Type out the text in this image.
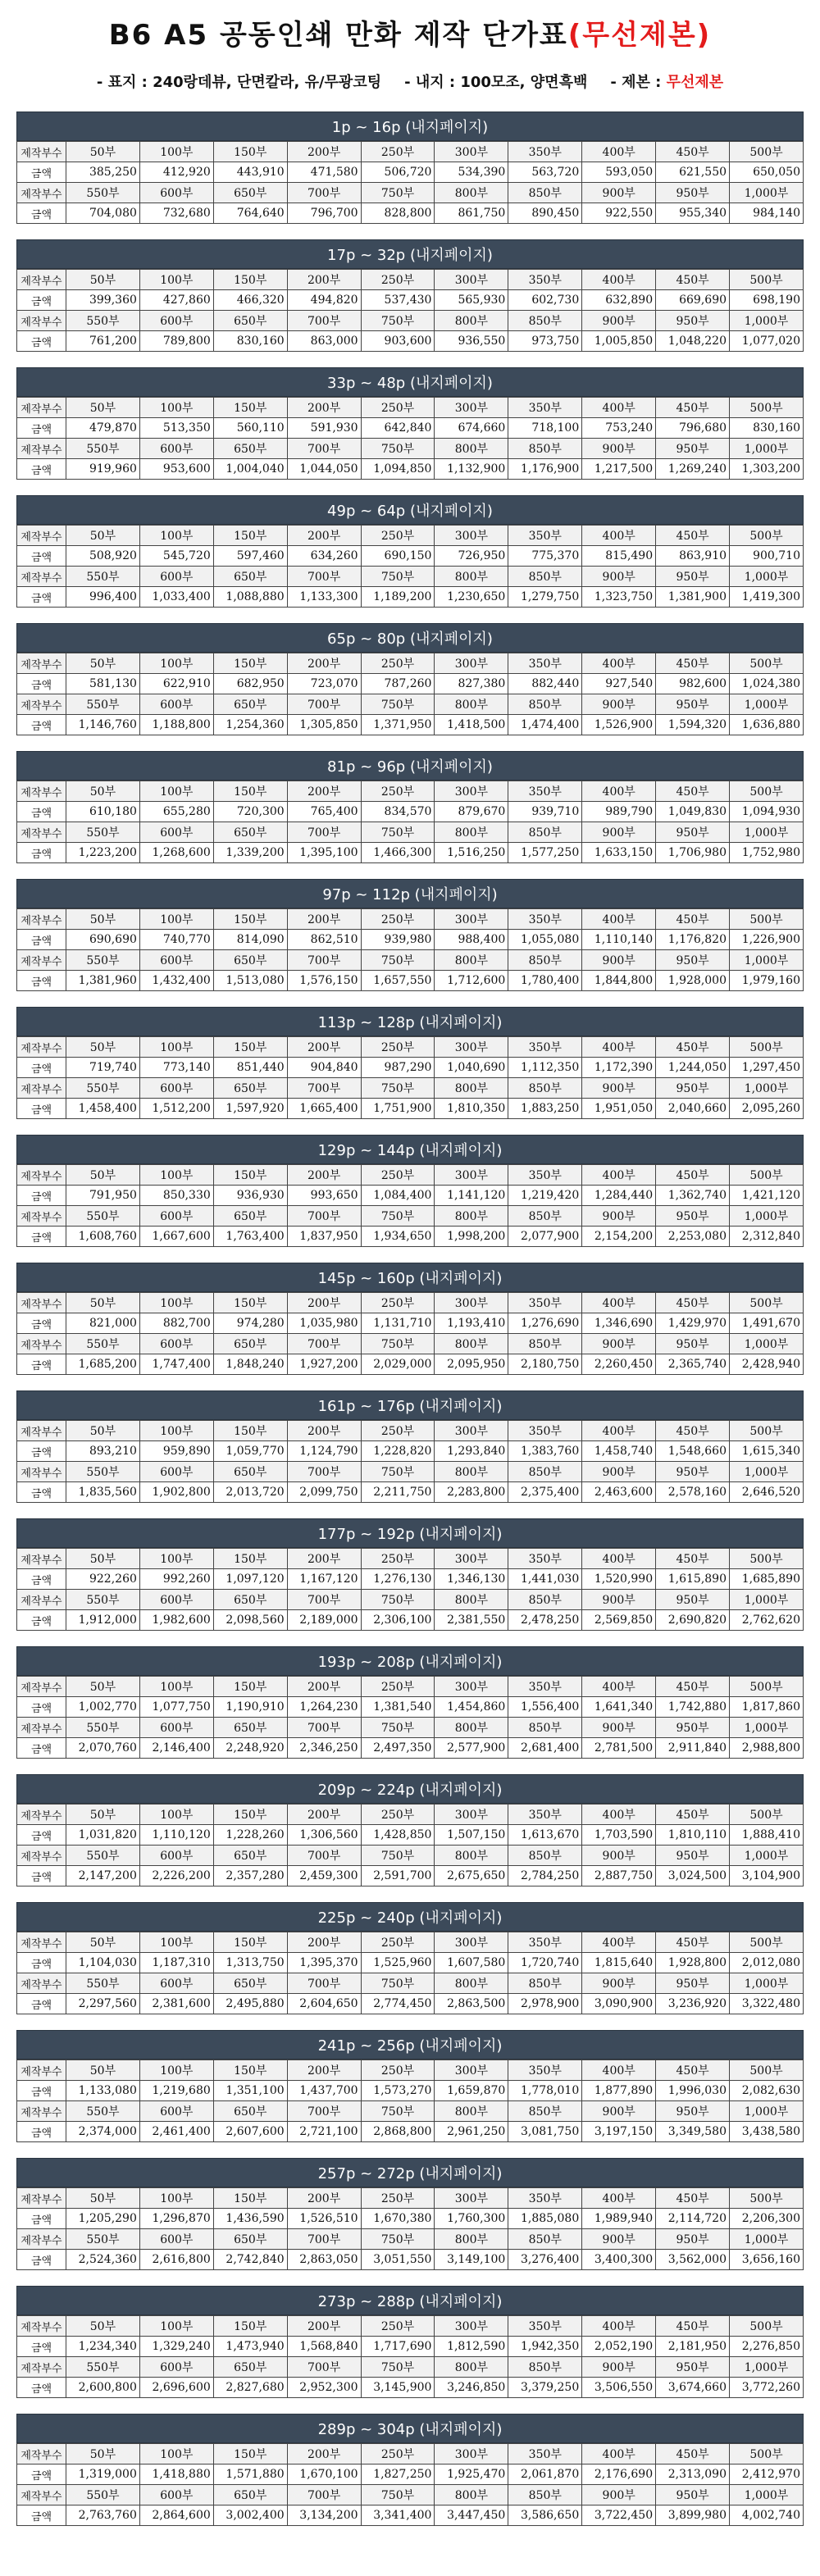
B6 A5 공동인쇄 만화 제작 단가표 (무선제본)
- 표지 : 240랑데뷰, 단면칼라, 유/무광코팅 - 내지 : 100모조, 양면흑백 - 제본 : 무선제본
1p ~ 16p (내지페이지)
제작부수	50부	100부	150부	200부	250부	300부	350부	400부	450부	500부
금액	385,250	412,920	443,910	471,580	506,720	534,390	563,720	593,050	621,550	650,050
제작부수	550부	600부	650부	700부	750부	800부	850부	900부	950부	1,000부
금액	704,080	732,680	764,640	796,700	828,800	861,750	890,450	922,550	955,340	984,140
17p ~ 32p (내지페이지)
제작부수	50부	100부	150부	200부	250부	300부	350부	400부	450부	500부
금액	399,360	427,860	466,320	494,820	537,430	565,930	602,730	632,890	669,690	698,190
제작부수	550부	600부	650부	700부	750부	800부	850부	900부	950부	1,000부
금액	761,200	789,800	830,160	863,000	903,600	936,550	973,750	1,005,850	1,048,220	1,077,020
33p ~ 48p (내지페이지)
제작부수	50부	100부	150부	200부	250부	300부	350부	400부	450부	500부
금액	479,870	513,350	560,110	591,930	642,840	674,660	718,100	753,240	796,680	830,160
제작부수	550부	600부	650부	700부	750부	800부	850부	900부	950부	1,000부
금액	919,960	953,600	1,004,040	1,044,050	1,094,850	1,132,900	1,176,900	1,217,500	1,269,240	1,303,200
49p ~ 64p (내지페이지)
제작부수	50부	100부	150부	200부	250부	300부	350부	400부	450부	500부
금액	508,920	545,720	597,460	634,260	690,150	726,950	775,370	815,490	863,910	900,710
제작부수	550부	600부	650부	700부	750부	800부	850부	900부	950부	1,000부
금액	996,400	1,033,400	1,088,880	1,133,300	1,189,200	1,230,650	1,279,750	1,323,750	1,381,900	1,419,300
65p ~ 80p (내지페이지)
제작부수	50부	100부	150부	200부	250부	300부	350부	400부	450부	500부
금액	581,130	622,910	682,950	723,070	787,260	827,380	882,440	927,540	982,600	1,024,380
제작부수	550부	600부	650부	700부	750부	800부	850부	900부	950부	1,000부
금액	1,146,760	1,188,800	1,254,360	1,305,850	1,371,950	1,418,500	1,474,400	1,526,900	1,594,320	1,636,880
81p ~ 96p (내지페이지)
제작부수	50부	100부	150부	200부	250부	300부	350부	400부	450부	500부
금액	610,180	655,280	720,300	765,400	834,570	879,670	939,710	989,790	1,049,830	1,094,930
제작부수	550부	600부	650부	700부	750부	800부	850부	900부	950부	1,000부
금액	1,223,200	1,268,600	1,339,200	1,395,100	1,466,300	1,516,250	1,577,250	1,633,150	1,706,980	1,752,980
97p ~ 112p (내지페이지)
제작부수	50부	100부	150부	200부	250부	300부	350부	400부	450부	500부
금액	690,690	740,770	814,090	862,510	939,980	988,400	1,055,080	1,110,140	1,176,820	1,226,900
제작부수	550부	600부	650부	700부	750부	800부	850부	900부	950부	1,000부
금액	1,381,960	1,432,400	1,513,080	1,576,150	1,657,550	1,712,600	1,780,400	1,844,800	1,928,000	1,979,160
113p ~ 128p (내지페이지)
제작부수	50부	100부	150부	200부	250부	300부	350부	400부	450부	500부
금액	719,740	773,140	851,440	904,840	987,290	1,040,690	1,112,350	1,172,390	1,244,050	1,297,450
제작부수	550부	600부	650부	700부	750부	800부	850부	900부	950부	1,000부
금액	1,458,400	1,512,200	1,597,920	1,665,400	1,751,900	1,810,350	1,883,250	1,951,050	2,040,660	2,095,260
129p ~ 144p (내지페이지)
제작부수	50부	100부	150부	200부	250부	300부	350부	400부	450부	500부
금액	791,950	850,330	936,930	993,650	1,084,400	1,141,120	1,219,420	1,284,440	1,362,740	1,421,120
제작부수	550부	600부	650부	700부	750부	800부	850부	900부	950부	1,000부
금액	1,608,760	1,667,600	1,763,400	1,837,950	1,934,650	1,998,200	2,077,900	2,154,200	2,253,080	2,312,840
145p ~ 160p (내지페이지)
제작부수	50부	100부	150부	200부	250부	300부	350부	400부	450부	500부
금액	821,000	882,700	974,280	1,035,980	1,131,710	1,193,410	1,276,690	1,346,690	1,429,970	1,491,670
제작부수	550부	600부	650부	700부	750부	800부	850부	900부	950부	1,000부
금액	1,685,200	1,747,400	1,848,240	1,927,200	2,029,000	2,095,950	2,180,750	2,260,450	2,365,740	2,428,940
161p ~ 176p (내지페이지)
제작부수	50부	100부	150부	200부	250부	300부	350부	400부	450부	500부
금액	893,210	959,890	1,059,770	1,124,790	1,228,820	1,293,840	1,383,760	1,458,740	1,548,660	1,615,340
제작부수	550부	600부	650부	700부	750부	800부	850부	900부	950부	1,000부
금액	1,835,560	1,902,800	2,013,720	2,099,750	2,211,750	2,283,800	2,375,400	2,463,600	2,578,160	2,646,520
177p ~ 192p (내지페이지)
제작부수	50부	100부	150부	200부	250부	300부	350부	400부	450부	500부
금액	922,260	992,260	1,097,120	1,167,120	1,276,130	1,346,130	1,441,030	1,520,990	1,615,890	1,685,890
제작부수	550부	600부	650부	700부	750부	800부	850부	900부	950부	1,000부
금액	1,912,000	1,982,600	2,098,560	2,189,000	2,306,100	2,381,550	2,478,250	2,569,850	2,690,820	2,762,620
193p ~ 208p (내지페이지)
제작부수	50부	100부	150부	200부	250부	300부	350부	400부	450부	500부
금액	1,002,770	1,077,750	1,190,910	1,264,230	1,381,540	1,454,860	1,556,400	1,641,340	1,742,880	1,817,860
제작부수	550부	600부	650부	700부	750부	800부	850부	900부	950부	1,000부
금액	2,070,760	2,146,400	2,248,920	2,346,250	2,497,350	2,577,900	2,681,400	2,781,500	2,911,840	2,988,800
209p ~ 224p (내지페이지)
제작부수	50부	100부	150부	200부	250부	300부	350부	400부	450부	500부
금액	1,031,820	1,110,120	1,228,260	1,306,560	1,428,850	1,507,150	1,613,670	1,703,590	1,810,110	1,888,410
제작부수	550부	600부	650부	700부	750부	800부	850부	900부	950부	1,000부
금액	2,147,200	2,226,200	2,357,280	2,459,300	2,591,700	2,675,650	2,784,250	2,887,750	3,024,500	3,104,900
225p ~ 240p (내지페이지)
제작부수	50부	100부	150부	200부	250부	300부	350부	400부	450부	500부
금액	1,104,030	1,187,310	1,313,750	1,395,370	1,525,960	1,607,580	1,720,740	1,815,640	1,928,800	2,012,080
제작부수	550부	600부	650부	700부	750부	800부	850부	900부	950부	1,000부
금액	2,297,560	2,381,600	2,495,880	2,604,650	2,774,450	2,863,500	2,978,900	3,090,900	3,236,920	3,322,480
241p ~ 256p (내지페이지)
제작부수	50부	100부	150부	200부	250부	300부	350부	400부	450부	500부
금액	1,133,080	1,219,680	1,351,100	1,437,700	1,573,270	1,659,870	1,778,010	1,877,890	1,996,030	2,082,630
제작부수	550부	600부	650부	700부	750부	800부	850부	900부	950부	1,000부
금액	2,374,000	2,461,400	2,607,600	2,721,100	2,868,800	2,961,250	3,081,750	3,197,150	3,349,580	3,438,580
257p ~ 272p (내지페이지)
제작부수	50부	100부	150부	200부	250부	300부	350부	400부	450부	500부
금액	1,205,290	1,296,870	1,436,590	1,526,510	1,670,380	1,760,300	1,885,080	1,989,940	2,114,720	2,206,300
제작부수	550부	600부	650부	700부	750부	800부	850부	900부	950부	1,000부
금액	2,524,360	2,616,800	2,742,840	2,863,050	3,051,550	3,149,100	3,276,400	3,400,300	3,562,000	3,656,160
273p ~ 288p (내지페이지)
제작부수	50부	100부	150부	200부	250부	300부	350부	400부	450부	500부
금액	1,234,340	1,329,240	1,473,940	1,568,840	1,717,690	1,812,590	1,942,350	2,052,190	2,181,950	2,276,850
제작부수	550부	600부	650부	700부	750부	800부	850부	900부	950부	1,000부
금액	2,600,800	2,696,600	2,827,680	2,952,300	3,145,900	3,246,850	3,379,250	3,506,550	3,674,660	3,772,260
289p ~ 304p (내지페이지)
제작부수	50부	100부	150부	200부	250부	300부	350부	400부	450부	500부
금액	1,319,000	1,418,880	1,571,880	1,670,100	1,827,250	1,925,470	2,061,870	2,176,690	2,313,090	2,412,970
제작부수	550부	600부	650부	700부	750부	800부	850부	900부	950부	1,000부
금액	2,763,760	2,864,600	3,002,400	3,134,200	3,341,400	3,447,450	3,586,650	3,722,450	3,899,980	4,002,740
